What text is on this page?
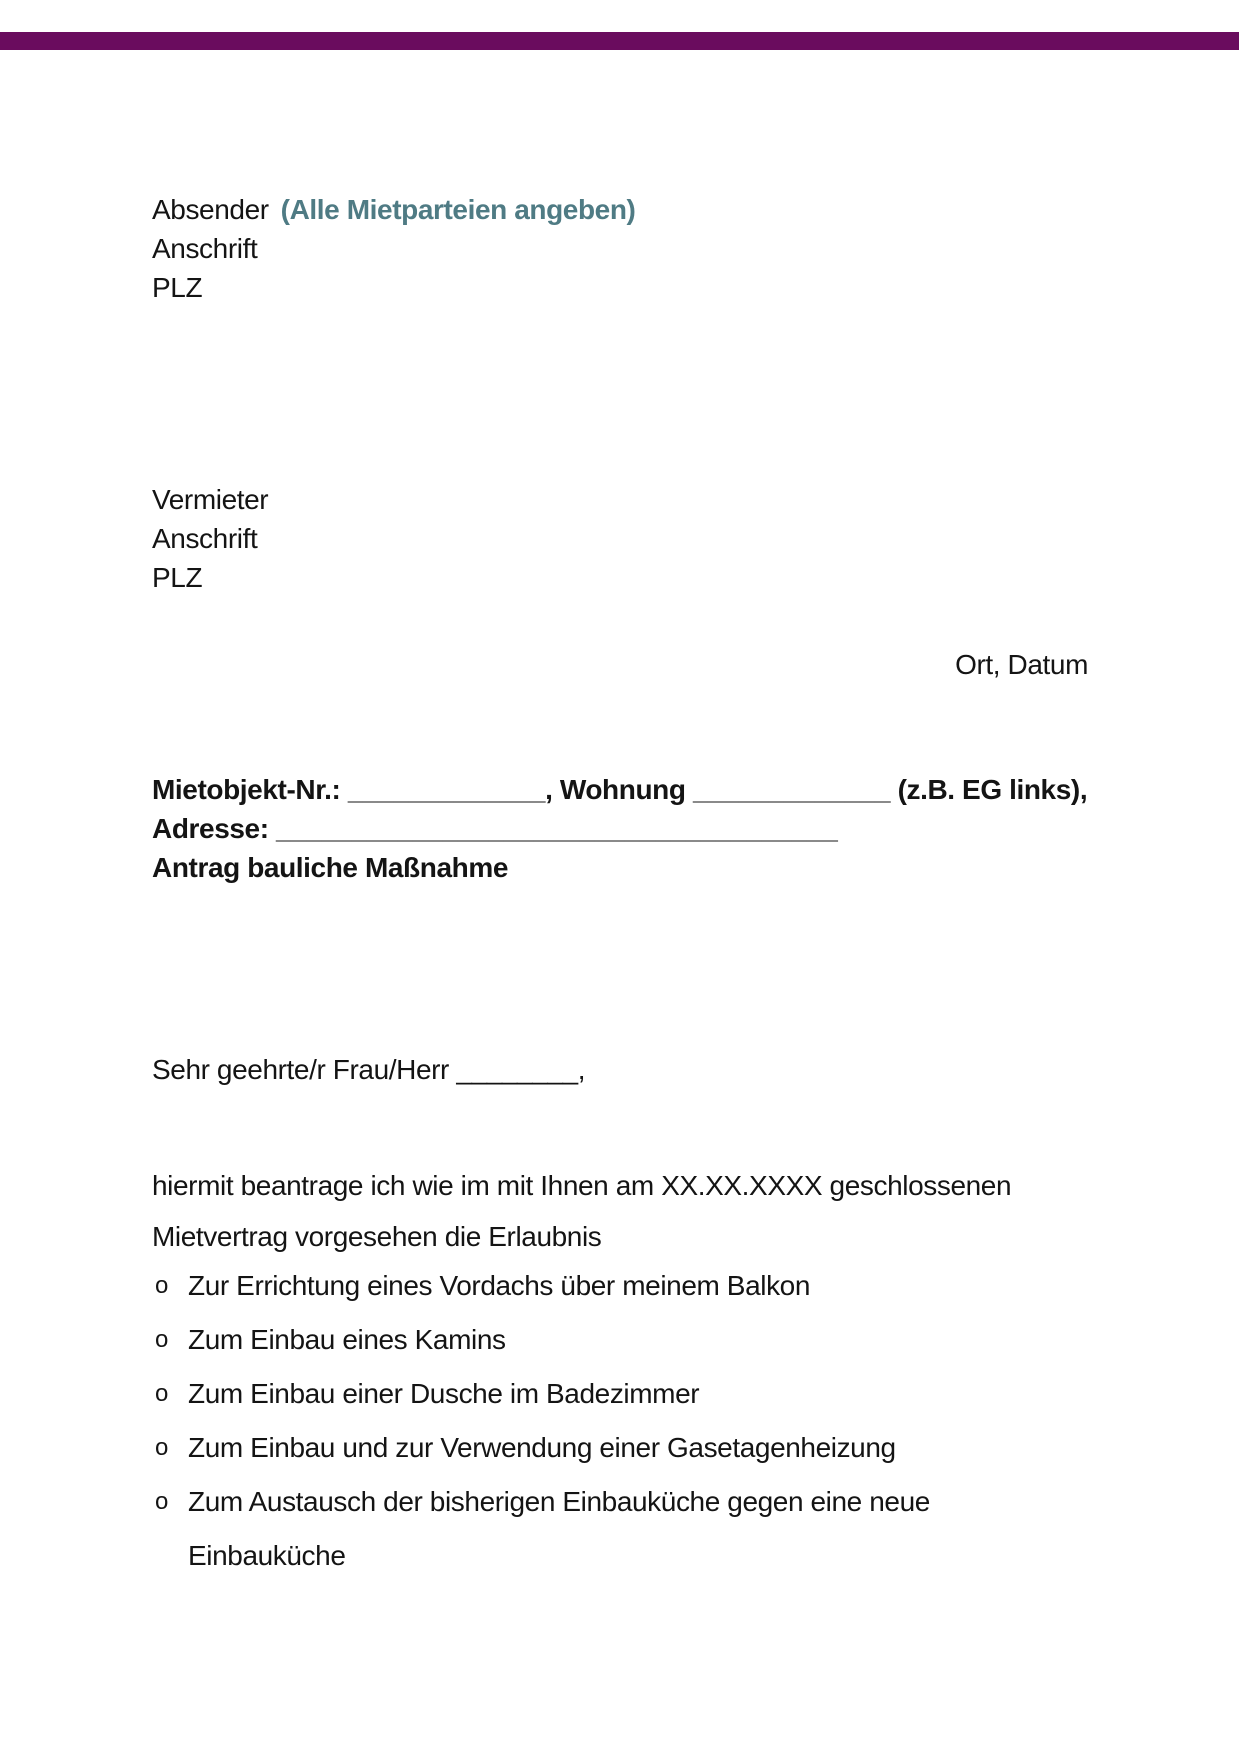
Absender (Alle Mietparteien angeben)
Anschrift
PLZ
Vermieter
Anschrift
PLZ
Ort, Datum
Mietobjekt-Nr.: _____________, Wohnung _____________ (z.B. EG links),
Adresse: _____________________________________
Antrag bauliche Maßnahme
Sehr geehrte/r Frau/Herr ________,
hiermit beantrage ich wie im mit Ihnen am XX.XX.XXXX geschlossenen
Mietvertrag vorgesehen die Erlaubnis
o Zur Errichtung eines Vordachs über meinem Balkon
o Zum Einbau eines Kamins
o Zum Einbau einer Dusche im Badezimmer
o Zum Einbau und zur Verwendung einer Gasetagenheizung
o Zum Austausch der bisherigen Einbauküche gegen eine neue Einbauküche
